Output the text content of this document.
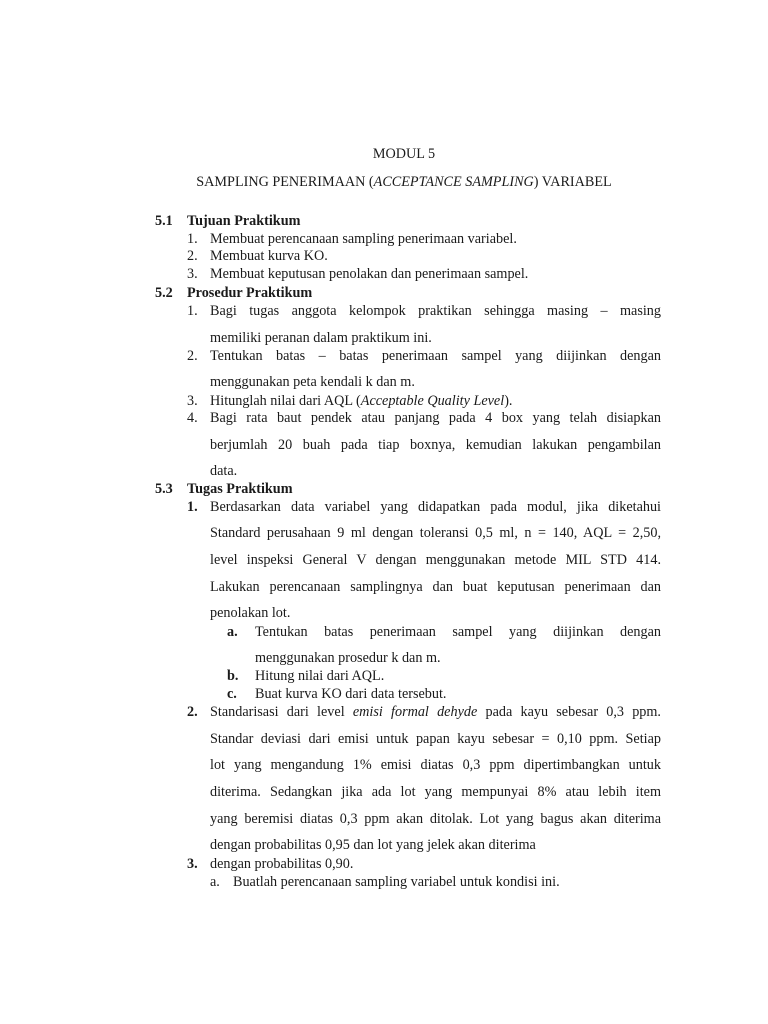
MODUL 5
SAMPLING PENERIMAAN (ACCEPTANCE SAMPLING) VARIABEL
5.1 Tujuan Praktikum
1. Membuat perencanaan sampling penerimaan variabel.
2. Membuat kurva KO.
3. Membuat keputusan penolakan dan penerimaan sampel.
5.2 Prosedur Praktikum
1. Bagi tugas anggota kelompok praktikan sehingga masing – masing
memiliki peranan dalam praktikum ini.
2. Tentukan batas – batas penerimaan sampel yang diijinkan dengan
menggunakan peta kendali k dan m.
3. Hitunglah nilai dari AQL (Acceptable Quality Level).
4. Bagi rata baut pendek atau panjang pada 4 box yang telah disiapkan
berjumlah 20 buah pada tiap boxnya, kemudian lakukan pengambilan
data.
5.3 Tugas Praktikum
1. Berdasarkan data variabel yang didapatkan pada modul, jika diketahui
Standard perusahaan 9 ml dengan toleransi 0,5 ml, n = 140, AQL = 2,50,
level inspeksi General V dengan menggunakan metode MIL STD 414.
Lakukan perencanaan samplingnya dan buat keputusan penerimaan dan
penolakan lot.
a. Tentukan batas penerimaan sampel yang diijinkan dengan
menggunakan prosedur k dan m.
b. Hitung nilai dari AQL.
c. Buat kurva KO dari data tersebut.
2. Standarisasi dari level emisi formal dehyde pada kayu sebesar 0,3 ppm.
Standar deviasi dari emisi untuk papan kayu sebesar = 0,10 ppm. Setiap
lot yang mengandung 1% emisi diatas 0,3 ppm dipertimbangkan untuk
diterima. Sedangkan jika ada lot yang mempunyai 8% atau lebih item
yang beremisi diatas 0,3 ppm akan ditolak. Lot yang bagus akan diterima
dengan probabilitas 0,95 dan lot yang jelek akan diterima
3. dengan probabilitas 0,90.
a. Buatlah perencanaan sampling variabel untuk kondisi ini.
